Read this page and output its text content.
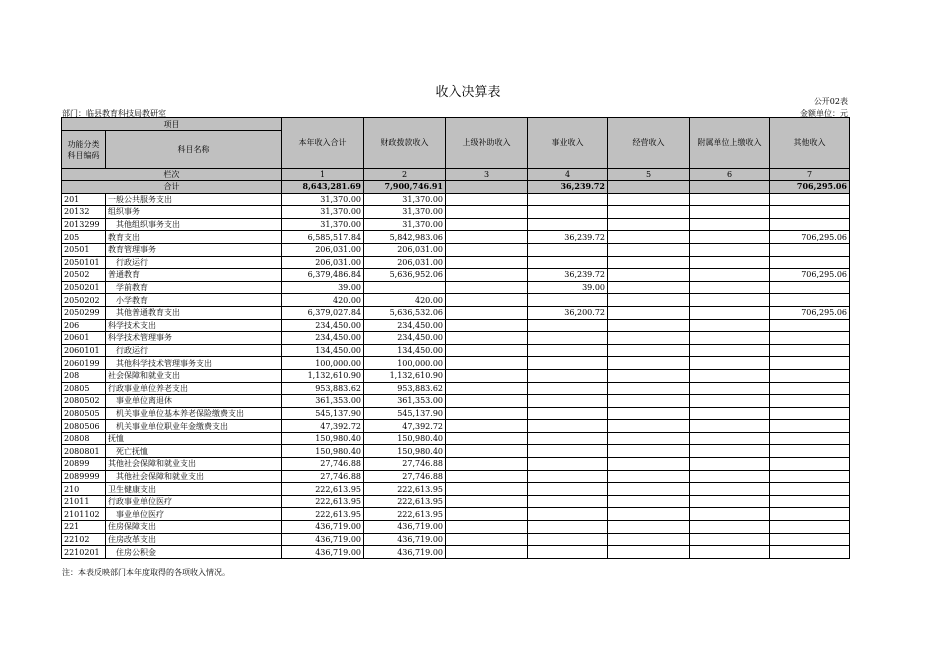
收入决算表
公开02表
金额单位：元
部门：临县教育科技局教研室
项目		本年收入合计	财政拨款收入	上级补助收入	事业收入	经营收入	附属单位上缴收入	其他收入
功能分类科目编码	科目名称							
栏次		1	2	3	4	5	6	7
合计		8,643,281.69	7,900,746.91		36,239.72			706,295.06
201	一般公共服务支出	31,370.00	31,370.00					
20132	组织事务	31,370.00	31,370.00					
2013299	　其他组织事务支出	31,370.00	31,370.00					
205	教育支出	6,585,517.84	5,842,983.06		36,239.72			706,295.06
20501	教育管理事务	206,031.00	206,031.00					
2050101	　行政运行	206,031.00	206,031.00					
20502	普通教育	6,379,486.84	5,636,952.06		36,239.72			706,295.06
2050201	　学前教育	39.00			39.00			
2050202	　小学教育	420.00	420.00					
2050299	　其他普通教育支出	6,379,027.84	5,636,532.06		36,200.72			706,295.06
206	科学技术支出	234,450.00	234,450.00					
20601	科学技术管理事务	234,450.00	234,450.00					
2060101	　行政运行	134,450.00	134,450.00					
2060199	　其他科学技术管理事务支出	100,000.00	100,000.00					
208	社会保障和就业支出	1,132,610.90	1,132,610.90					
20805	行政事业单位养老支出	953,883.62	953,883.62					
2080502	　事业单位离退休	361,353.00	361,353.00					
2080505	　机关事业单位基本养老保险缴费支出	545,137.90	545,137.90					
2080506	　机关事业单位职业年金缴费支出	47,392.72	47,392.72					
20808	抚恤	150,980.40	150,980.40					
2080801	　死亡抚恤	150,980.40	150,980.40					
20899	其他社会保障和就业支出	27,746.88	27,746.88					
2089999	　其他社会保障和就业支出	27,746.88	27,746.88					
210	卫生健康支出	222,613.95	222,613.95					
21011	行政事业单位医疗	222,613.95	222,613.95					
2101102	　事业单位医疗	222,613.95	222,613.95					
221	住房保障支出	436,719.00	436,719.00					
22102	住房改革支出	436,719.00	436,719.00					
2210201	　住房公积金	436,719.00	436,719.00					
注：本表反映部门本年度取得的各项收入情况。
